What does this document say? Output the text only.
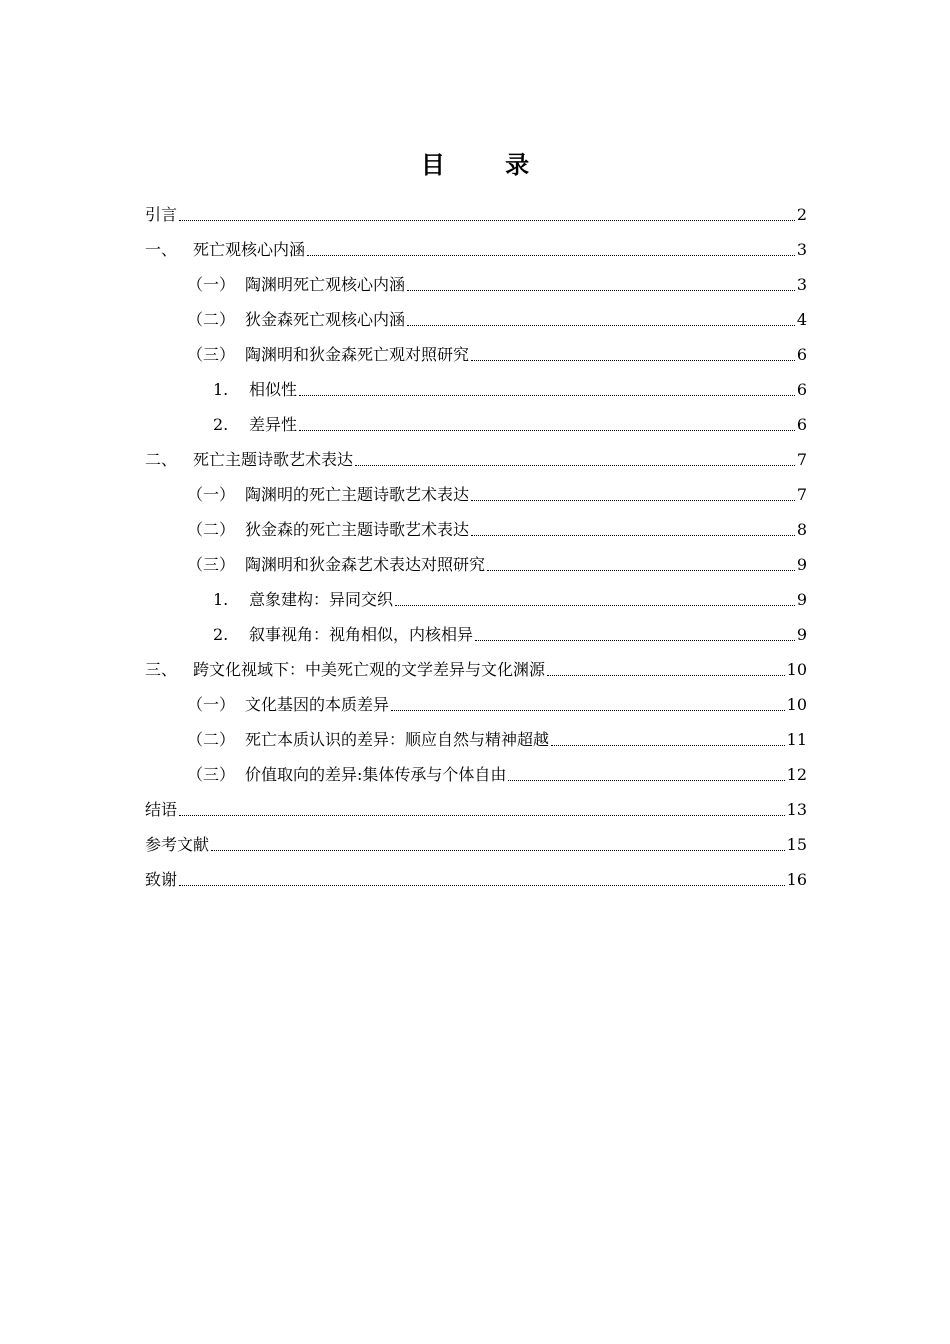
目 录
引言	2
一、 死亡观核心内涵	3
（一） 陶渊明死亡观核心内涵	3
（二） 狄金森死亡观核心内涵	4
（三） 陶渊明和狄金森死亡观对照研究	6
1.	相似性	6
2.	差异性	6
二、 死亡主题诗歌艺术表达	7
（一） 陶渊明的死亡主题诗歌艺术表达	7
（二） 狄金森的死亡主题诗歌艺术表达	8
（三） 陶渊明和狄金森艺术表达对照研究	9
1.	意象建构：异同交织	9
2.	叙事视角：视角相似，内核相异	9
三、 跨文化视域下：中美死亡观的文学差异与文化渊源	10
（一） 文化基因的本质差异	10
（二） 死亡本质认识的差异：顺应自然与精神超越	11
（三） 价值取向的差异:集体传承与个体自由	12
结语	13
参考文献	15
致谢	16
